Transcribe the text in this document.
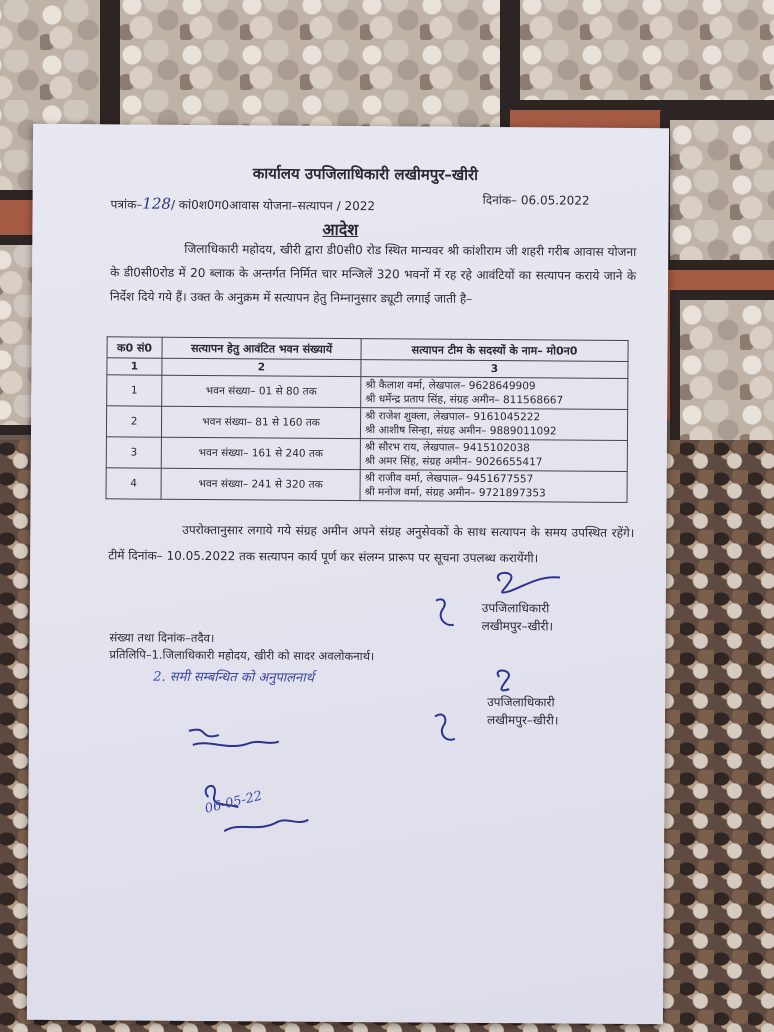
कार्यालय उपजिलाधिकारी लखीमपुर–खीरी
पत्रांक–128/ कां0श0ग0आवास योजना–सत्यापन / 2022	दिनांक– 06.05.2022
आदेश
जिलाधिकारी महोदय, खीरी द्वारा डी0सी0 रोड स्थित मान्यवर श्री कांशीराम जी शहरी गरीब आवास योजना के डी0सी0रोड में 20 ब्लाक के अन्तर्गत निर्मित चार मन्जिलें 320 भवनों में रह रहे आवंटियों का सत्यापन कराये जाने के निर्देश दिये गये हैं। उक्त के अनुक्रम में सत्यापन हेतु निम्नानुसार ड्यूटी लगाई जाती है–
क0 सं0	सत्यापन हेतु आवंटित भवन संख्यायें	सत्यापन टीम के सदस्यों के नाम– मो0न0
1	2	3
1	भवन संख्या– 01 से 80 तक	श्री कैलाश वर्मा, लेखपाल– 9628649909
श्री धर्मेन्द्र प्रताप सिंह, संग्रह अमीन– 811568667

2	भवन संख्या– 81 से 160 तक	श्री राजेश शुक्ला, लेखपाल– 9161045222
श्री आशीष सिन्हा, संग्रह अमीन– 9889011092

3	भवन संख्या– 161 से 240 तक	श्री सौरभ राय, लेखपाल– 9415102038
श्री अमर सिंह, संग्रह अमीन– 9026655417

4	भवन संख्या– 241 से 320 तक	श्री राजीव वर्मा, लेखपाल– 9451677557
श्री मनोज वर्मा, संग्रह अमीन– 9721897353
उपरोक्तानुसार लगाये गये संग्रह अमीन अपने संग्रह अनुसेवकों के साथ सत्यापन के समय उपस्थित रहेंगे। टीमें दिनांक– 10.05.2022 तक सत्यापन कार्य पूर्ण कर संलग्न प्रारूप पर सूचना उपलब्ध करायेंगी।
उपजिलाधिकारी
लखीमपुर–खीरी।
संख्या तथा दिनांक–तदैव।
प्रतिलिपि–1.जिलाधिकारी महोदय, खीरी को सादर अवलोकनार्थ।
2. समी सम्बन्धित को अनुपालनार्थ
उपजिलाधिकारी
लखीमपुर–खीरी।
06-05-22
